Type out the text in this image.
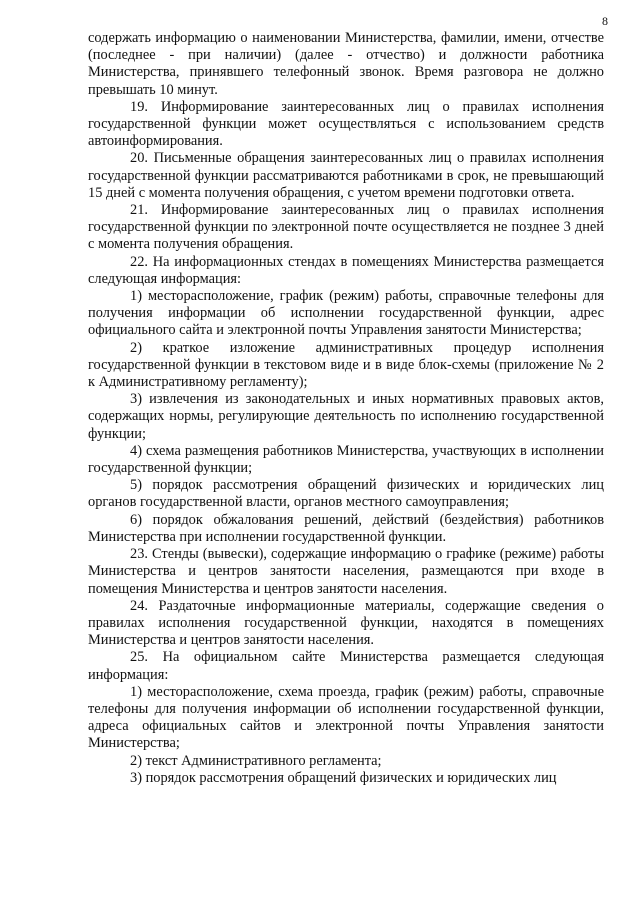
8

содержать информацию о наименовании Министерства, фамилии, имени, отчестве (последнее - при наличии) (далее - отчество) и должности работника Министерства, принявшего телефонный звонок. Время разговора не должно превышать 10 минут.

19. Информирование заинтересованных лиц о правилах исполнения государственной функции может осуществляться с использованием средств автоинформирования.

20. Письменные обращения заинтересованных лиц о правилах исполнения государственной функции рассматриваются работниками в срок, не превышающий 15 дней с момента получения обращения, с учетом времени подготовки ответа.

21. Информирование заинтересованных лиц о правилах исполнения государственной функции по электронной почте осуществляется не позднее 3 дней с момента получения обращения.

22. На информационных стендах в помещениях Министерства размещается следующая информация:

1) месторасположение, график (режим) работы, справочные телефоны для получения информации об исполнении государственной функции, адрес официального сайта и электронной почты Управления занятости Министерства;

2) краткое изложение административных процедур исполнения государственной функции в текстовом виде и в виде блок-схемы (приложение № 2 к Административному регламенту);

3) извлечения из законодательных и иных нормативных правовых актов, содержащих нормы, регулирующие деятельность по исполнению государственной функции;

4) схема размещения работников Министерства, участвующих в исполнении государственной функции;

5) порядок рассмотрения обращений физических и юридических лиц органов государственной власти, органов местного самоуправления;

6) порядок обжалования решений, действий (бездействия) работников Министерства при исполнении государственной функции.

23. Стенды (вывески), содержащие информацию о графике (режиме) работы Министерства и центров занятости населения, размещаются при входе в помещения Министерства и центров занятости населения.

24. Раздаточные информационные материалы, содержащие сведения о правилах исполнения государственной функции, находятся в помещениях Министерства и центров занятости населения.

25. На официальном сайте Министерства размещается следующая информация:

1) месторасположение, схема проезда, график (режим) работы, справочные телефоны для получения информации об исполнении государственной функции, адреса официальных сайтов и электронной почты Управления занятости Министерства;

2) текст Административного регламента;

3) порядок рассмотрения обращений физических и юридических лиц
